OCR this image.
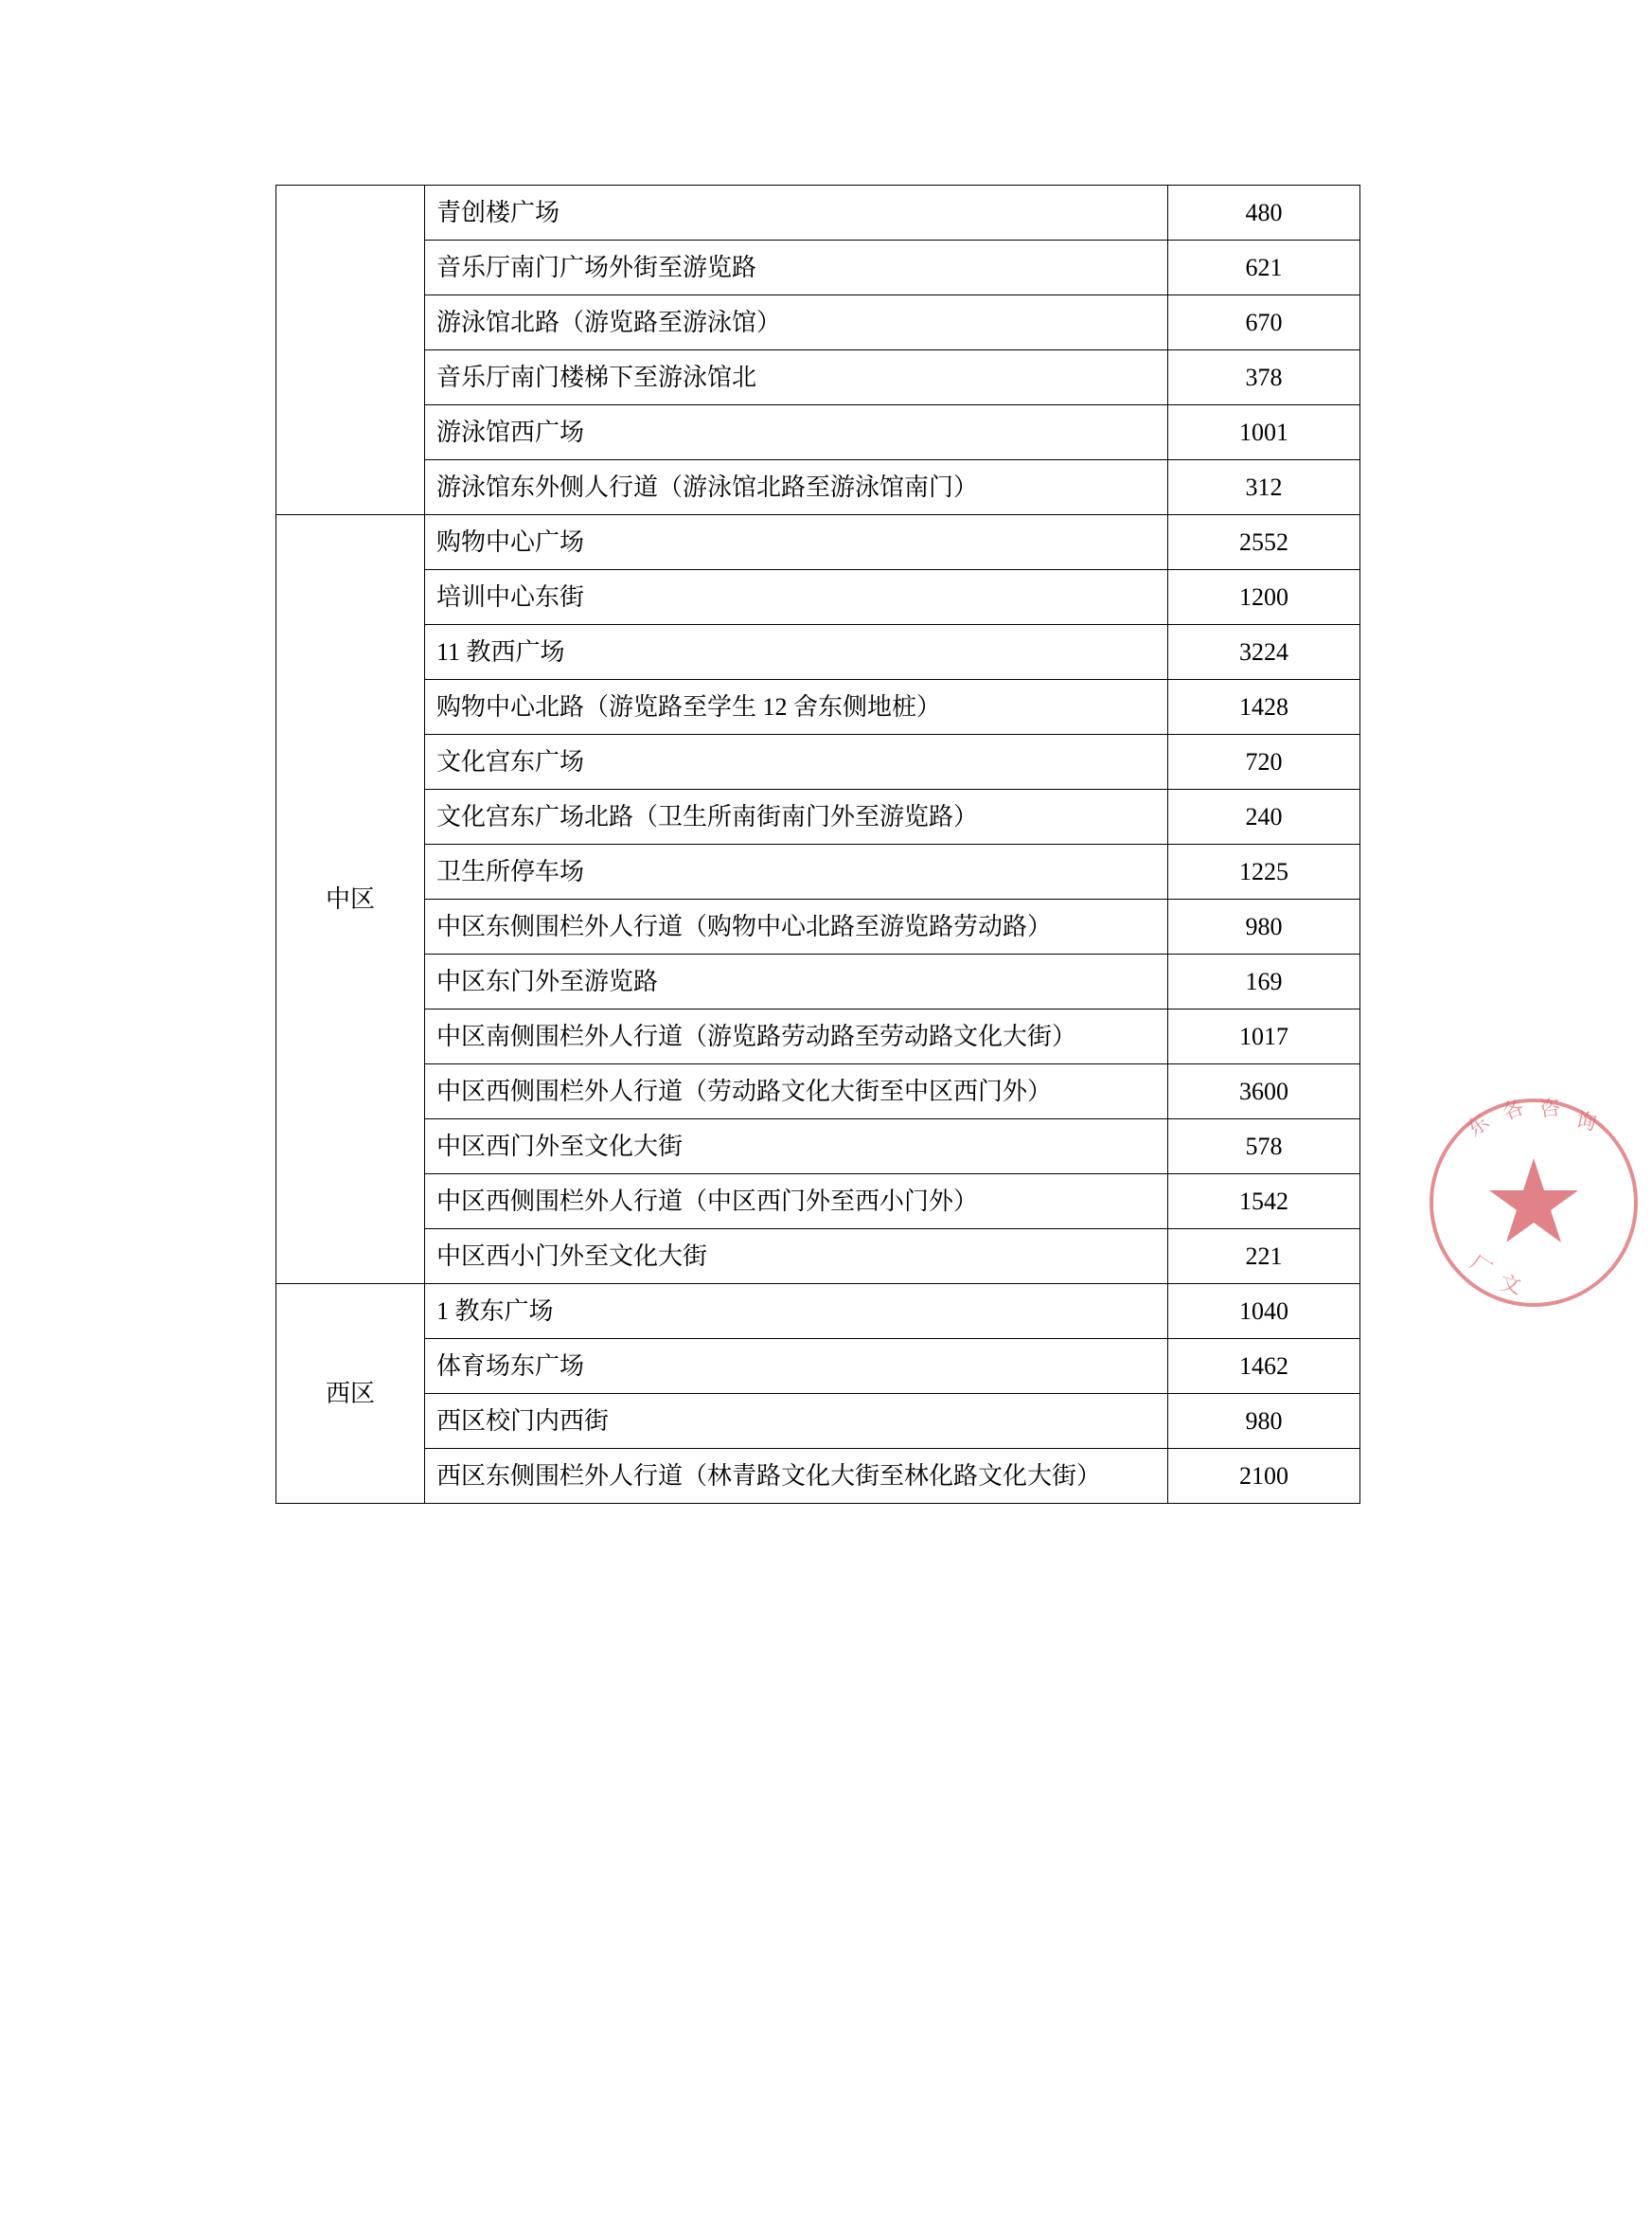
	青创楼广场	480
	音乐厅南门广场外街至游览路	621
	游泳馆北路（游览路至游泳馆）	670
	音乐厅南门楼梯下至游泳馆北	378
	游泳馆西广场	1001
	游泳馆东外侧人行道（游泳馆北路至游泳馆南门）	312
中区	购物中心广场	2552
	培训中心东街	1200
	11 教西广场	3224
	购物中心北路（游览路至学生 12 舍东侧地桩）	1428
	文化宫东广场	720
	文化宫东广场北路（卫生所南街南门外至游览路）	240
	卫生所停车场	1225
	中区东侧围栏外人行道（购物中心北路至游览路劳动路）	980
	中区东门外至游览路	169
	中区南侧围栏外人行道（游览路劳动路至劳动路文化大街）	1017
	中区西侧围栏外人行道（劳动路文化大街至中区西门外）	3600
	中区西门外至文化大街	578
	中区西侧围栏外人行道（中区西门外至西小门外）	1542
	中区西小门外至文化大街	221
西区	1 教东广场	1040
	体育场东广场	1462
	西区校门内西街	980
	西区东侧围栏外人行道（林青路文化大街至林化路文化大街）	2100
东 各 咨 询
文
厂
